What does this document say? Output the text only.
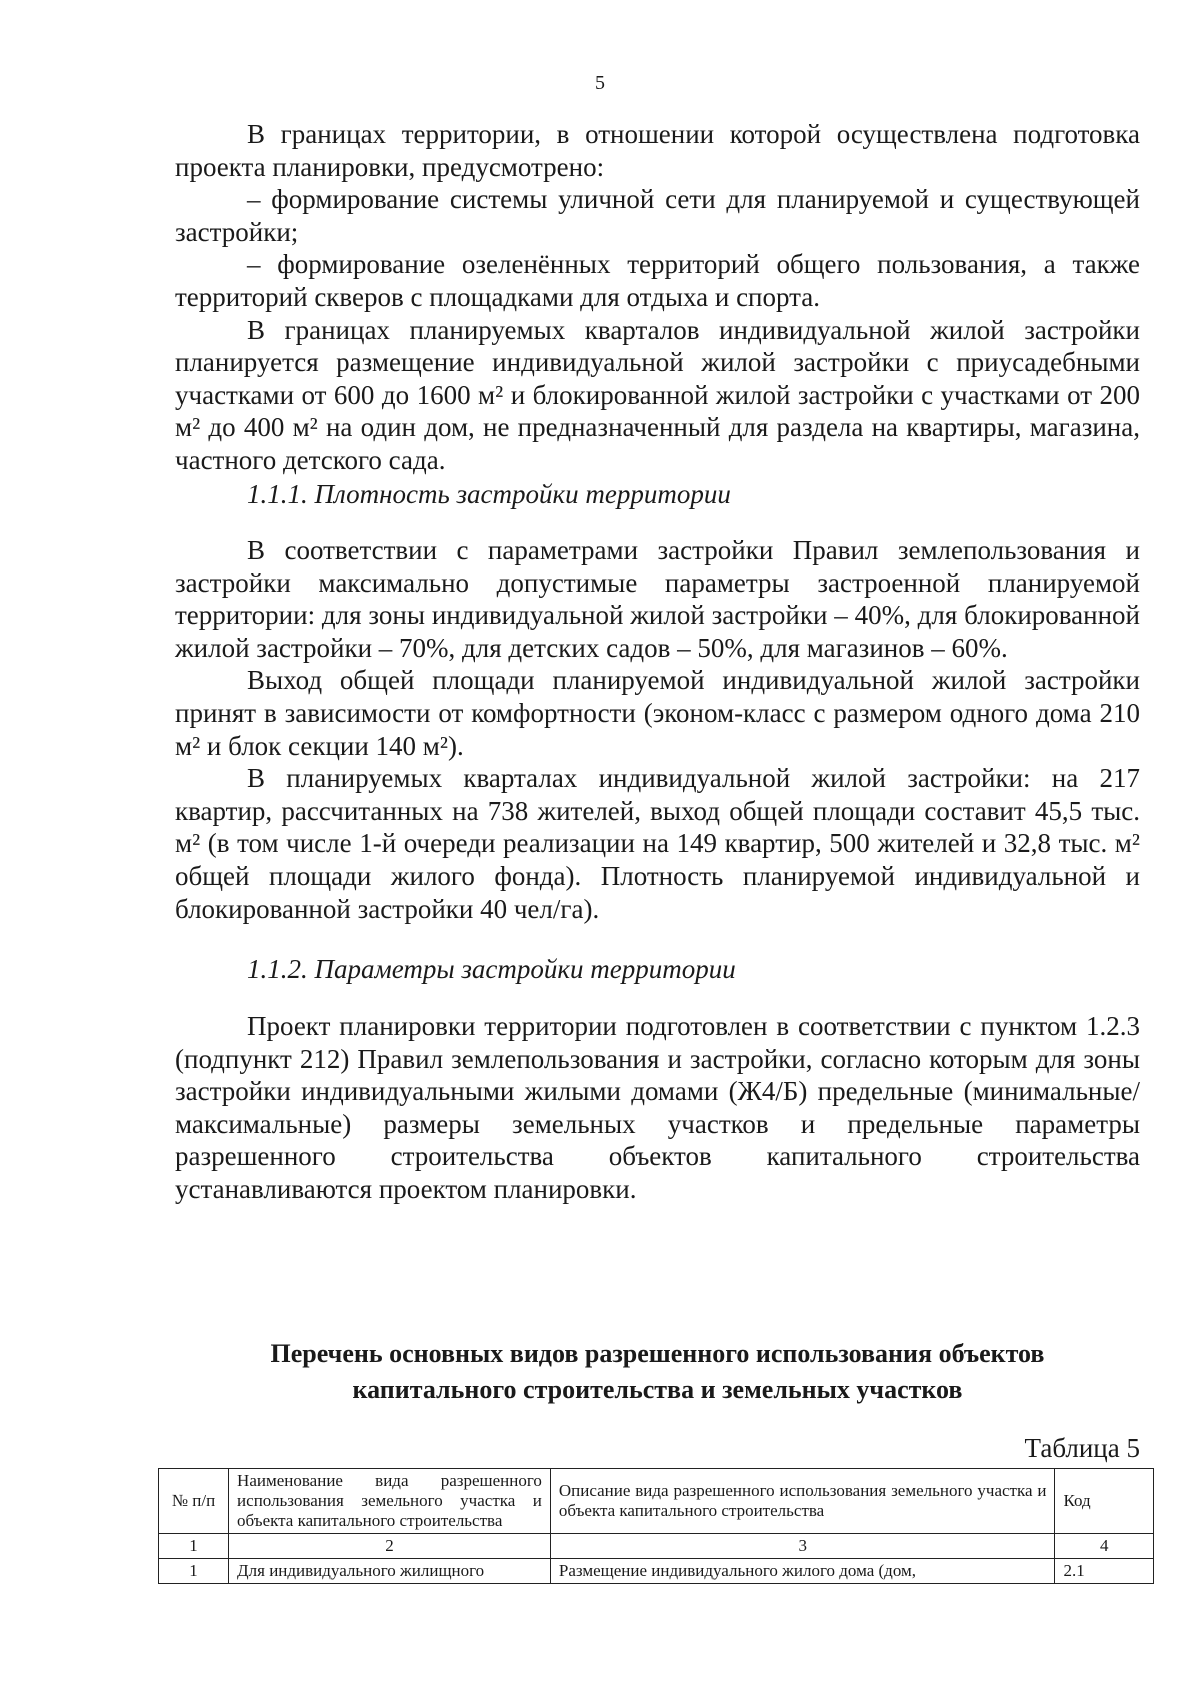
5

В границах территории, в отношении которой осуществлена подготовка проекта планировки, предусмотрено:

– формирование системы уличной сети для планируемой и существующей застройки;

– формирование озеленённых территорий общего пользования, а также территорий скверов с площадками для отдыха и спорта.

В границах планируемых кварталов индивидуальной жилой застройки планируется размещение индивидуальной жилой застройки с приусадебными участками от 600 до 1600 м² и блокированной жилой застройки с участками от 200 м² до 400 м² на один дом, не предназначенный для раздела на квартиры, магазина, частного детского сада.

1.1.1. Плотность застройки территории

В соответствии с параметрами застройки Правил землепользования и застройки максимально допустимые параметры застроенной планируемой территории: для зоны индивидуальной жилой застройки – 40%, для блокированной жилой застройки – 70%, для детских садов – 50%, для магазинов – 60%.

Выход общей площади планируемой индивидуальной жилой застройки принят в зависимости от комфортности (эконом-класс с размером одного дома 210 м² и блок секции 140 м²).

В планируемых кварталах индивидуальной жилой застройки: на 217 квартир, рассчитанных на 738 жителей, выход общей площади составит 45,5 тыс. м² (в том числе 1-й очереди реализации на 149 квартир, 500 жителей и 32,8 тыс. м² общей площади жилого фонда). Плотность планируемой индивидуальной и блокированной застройки 40 чел/га).

1.1.2. Параметры застройки территории

Проект планировки территории подготовлен в соответствии с пунктом 1.2.3 (подпункт 212) Правил землепользования и застройки, согласно которым для зоны застройки индивидуальными жилыми домами (Ж4/Б) предельные (минимальные/максимальные) размеры земельных участков и предельные параметры разрешенного строительства объектов капитального строительства устанавливаются проектом планировки.

Перечень основных видов разрешенного использования объектов
капитального строительства и земельных участков
Таблица 5
№ п/п	Наименование вида разрешенного использования земельного участка и объекта капитального строительства	Описание вида разрешенного использования земельного участка и объекта капитального строительства	Код
1	2	3	4
1	Для индивидуального жилищного	Размещение индивидуального жилого дома (дом,	2.1
